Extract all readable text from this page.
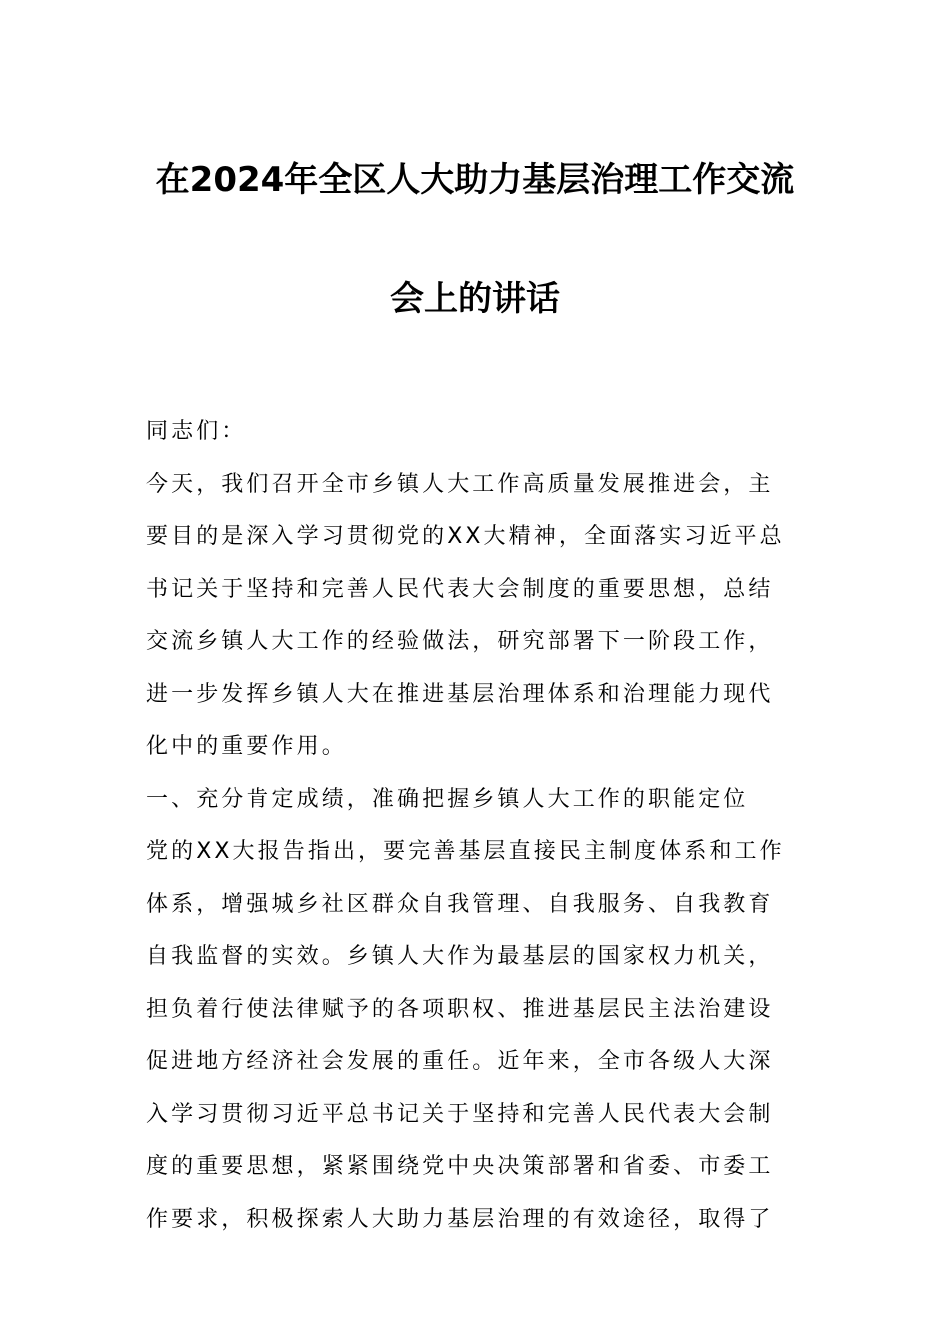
在2024年全区人大助力基层治理工作交流
会上的讲话
同志们：
今天，我们召开全市乡镇人大工作高质量发展推进会，主
要目的是深入学习贯彻党的XX大精神，全面落实习近平总
书记关于坚持和完善人民代表大会制度的重要思想，总结
交流乡镇人大工作的经验做法，研究部署下一阶段工作，
进一步发挥乡镇人大在推进基层治理体系和治理能力现代
化中的重要作用。
一、充分肯定成绩，准确把握乡镇人大工作的职能定位
党的XX大报告指出，要完善基层直接民主制度体系和工作
体系，增强城乡社区群众自我管理、自我服务、自我教育
自我监督的实效。乡镇人大作为最基层的国家权力机关，
担负着行使法律赋予的各项职权、推进基层民主法治建设
促进地方经济社会发展的重任。近年来，全市各级人大深
入学习贯彻习近平总书记关于坚持和完善人民代表大会制
度的重要思想，紧紧围绕党中央决策部署和省委、市委工
作要求，积极探索人大助力基层治理的有效途径，取得了
